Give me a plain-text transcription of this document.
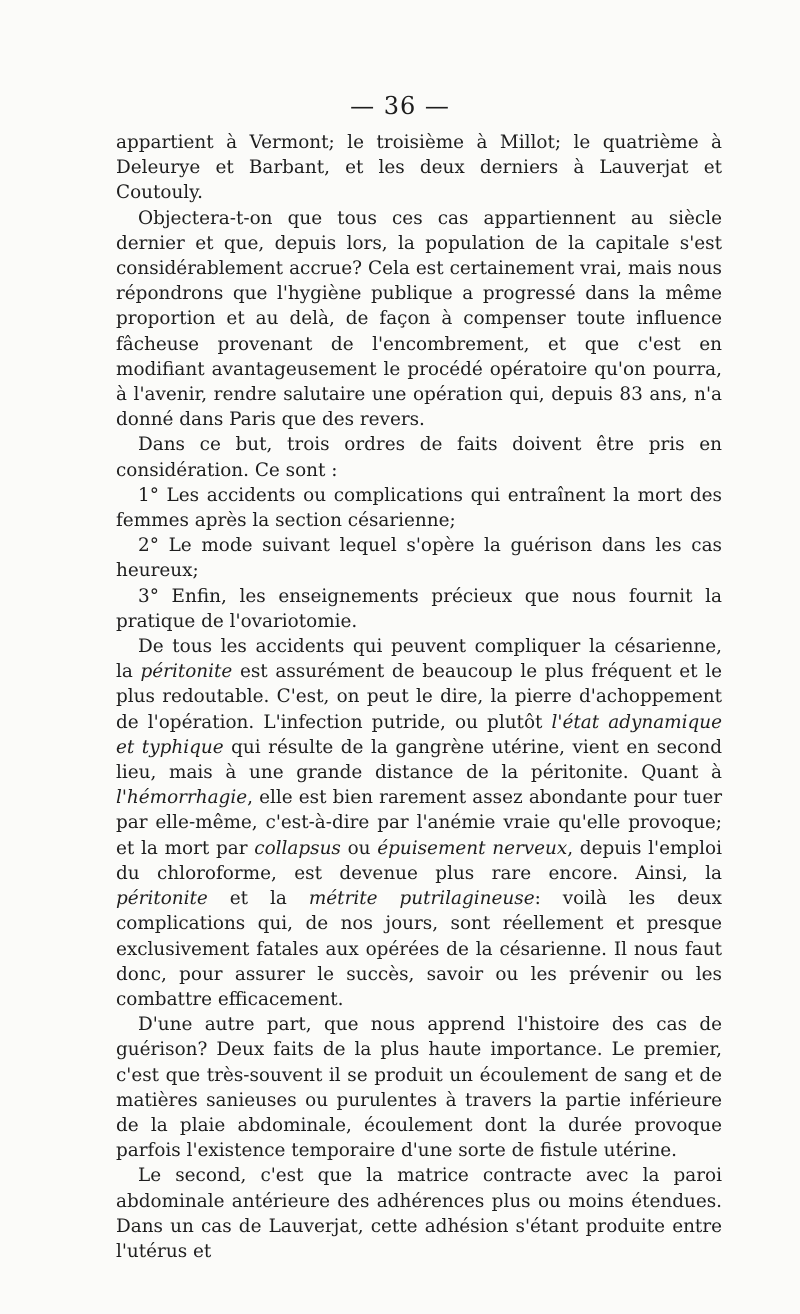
— 36 —

appartient à Vermont; le troisième à Millot; le quatrième à Deleurye et Barbant, et les deux derniers à Lauverjat et Coutouly.

Objectera-t-on que tous ces cas appartiennent au siècle dernier et que, depuis lors, la population de la capitale s'est considérablement accrue? Cela est certainement vrai, mais nous répondrons que l'hygiène publique a progressé dans la même proportion et au delà, de façon à compenser toute influence fâcheuse provenant de l'encombrement, et que c'est en modifiant avantageusement le procédé opératoire qu'on pourra, à l'avenir, rendre salutaire une opération qui, depuis 83 ans, n'a donné dans Paris que des revers.

Dans ce but, trois ordres de faits doivent être pris en considération. Ce sont :

1° Les accidents ou complications qui entraînent la mort des femmes après la section césarienne;

2° Le mode suivant lequel s'opère la guérison dans les cas heureux;

3° Enfin, les enseignements précieux que nous fournit la pratique de l'ovariotomie.

De tous les accidents qui peuvent compliquer la césarienne, la péritonite est assurément de beaucoup le plus fréquent et le plus redoutable. C'est, on peut le dire, la pierre d'achoppement de l'opération. L'infection putride, ou plutôt l'état adynamique et typhique qui résulte de la gangrène utérine, vient en second lieu, mais à une grande distance de la péritonite. Quant à l'hémorrhagie, elle est bien rarement assez abondante pour tuer par elle-même, c'est-à-dire par l'anémie vraie qu'elle provoque; et la mort par collapsus ou épuisement nerveux, depuis l'emploi du chloroforme, est devenue plus rare encore. Ainsi, la péritonite et la métrite putrilagineuse: voilà les deux complications qui, de nos jours, sont réellement et presque exclusivement fatales aux opérées de la césarienne. Il nous faut donc, pour assurer le succès, savoir ou les prévenir ou les combattre efficacement.

D'une autre part, que nous apprend l'histoire des cas de guérison? Deux faits de la plus haute importance. Le premier, c'est que très-souvent il se produit un écoulement de sang et de matières sanieuses ou purulentes à travers la partie inférieure de la plaie abdominale, écoulement dont la durée provoque parfois l'existence temporaire d'une sorte de fistule utérine.

Le second, c'est que la matrice contracte avec la paroi abdominale antérieure des adhérences plus ou moins étendues. Dans un cas de Lauverjat, cette adhésion s'étant produite entre l'utérus et
